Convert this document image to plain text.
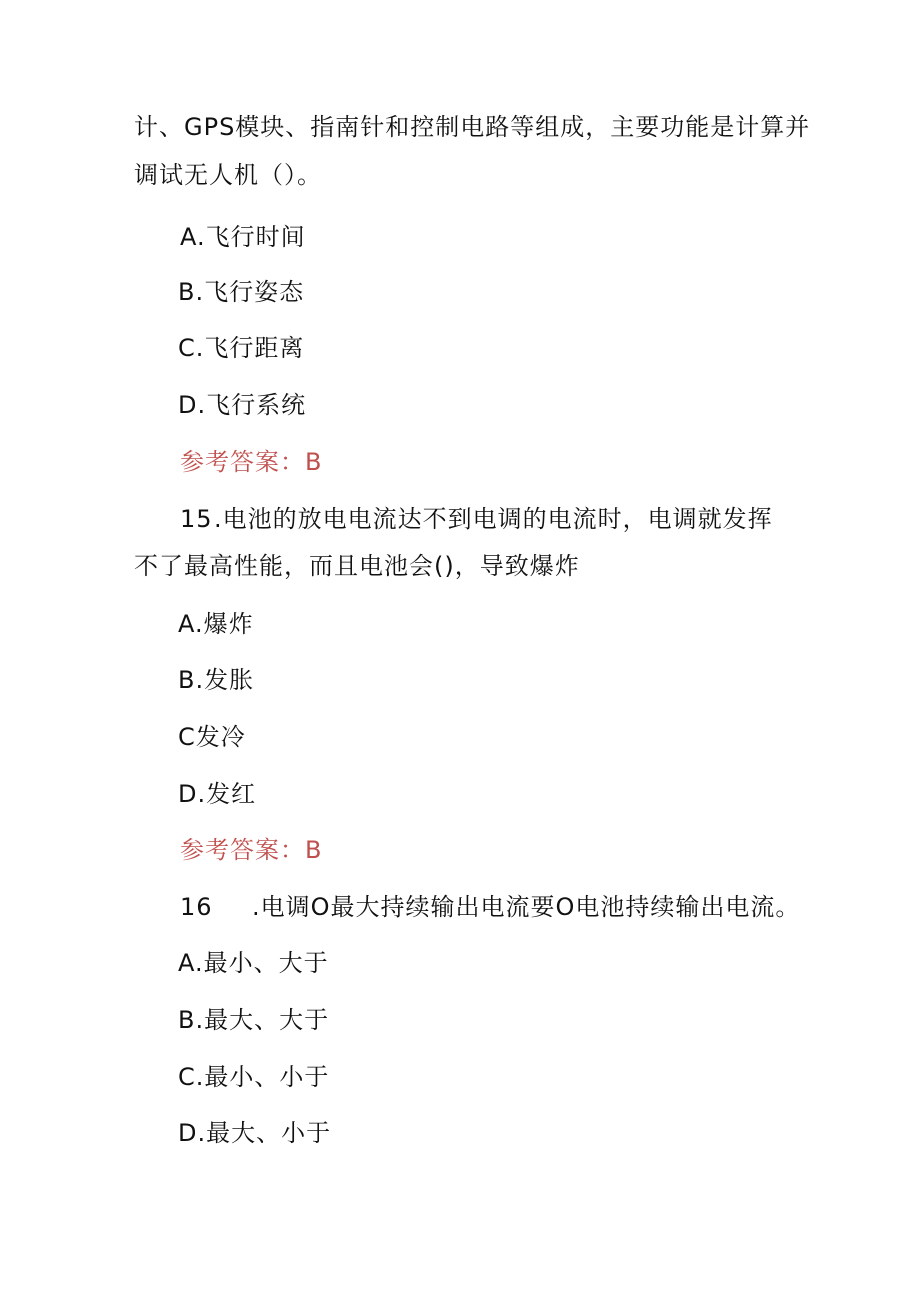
计、GPS模块、指南针和控制电路等组成，主要功能是计算并
调试无人机（）。
A.飞行时间
B.飞行姿态
C.飞行距离
D.飞行系统
参考答案：B
15 .电池的放电电流达不到电调的电流时，电调就发挥
不了最高性能，而且电池会()，导致爆炸
A.爆炸
B.发胀
C发冷
D.发红
参考答案：B
16 .电调O最大持续输出电流要O电池持续输出电流。
A.最小、大于
B.最大、大于
C.最小、小于
D.最大、小于
